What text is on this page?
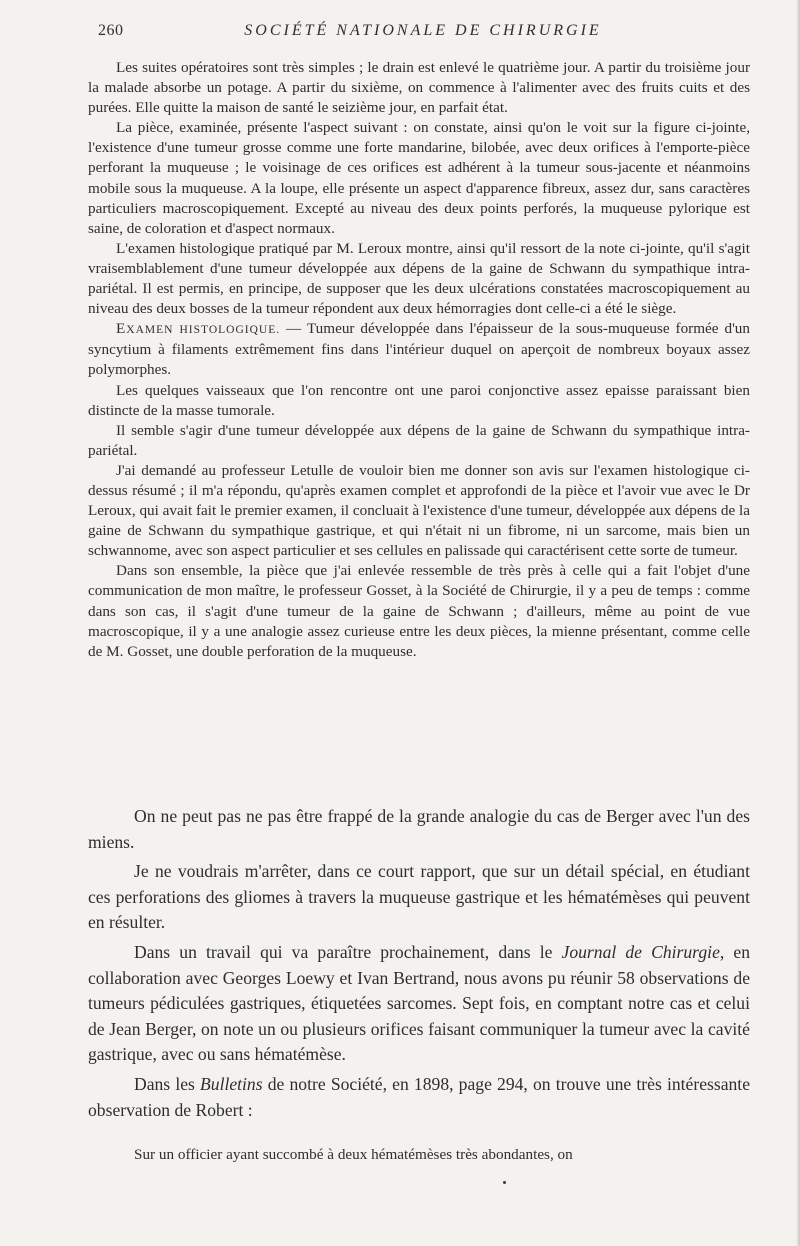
260	SOCIÉTÉ NATIONALE DE CHIRURGIE

Les suites opératoires sont très simples ; le drain est enlevé le quatrième jour. A partir du troisième jour la malade absorbe un potage. A partir du sixième, on commence à l'alimenter avec des fruits cuits et des purées. Elle quitte la maison de santé le seizième jour, en parfait état.

La pièce, examinée, présente l'aspect suivant : on constate, ainsi qu'on le voit sur la figure ci-jointe, l'existence d'une tumeur grosse comme une forte mandarine, bilobée, avec deux orifices à l'emporte-pièce perforant la muqueuse ; le voisinage de ces orifices est adhérent à la tumeur sous-jacente et néanmoins mobile sous la muqueuse. A la loupe, elle présente un aspect d'apparence fibreux, assez dur, sans caractères particuliers macroscopiquement. Excepté au niveau des deux points perforés, la muqueuse pylorique est saine, de coloration et d'aspect normaux.

L'examen histologique pratiqué par M. Leroux montre, ainsi qu'il ressort de la note ci-jointe, qu'il s'agit vraisemblablement d'une tumeur développée aux dépens de la gaine de Schwann du sympathique intra-pariétal. Il est permis, en principe, de supposer que les deux ulcérations constatées macroscopiquement au niveau des deux bosses de la tumeur répondent aux deux hémorragies dont celle-ci a été le siège.

EXAMEN HISTOLOGIQUE. — Tumeur développée dans l'épaisseur de la sous-muqueuse formée d'un syncytium à filaments extrêmement fins dans l'intérieur duquel on aperçoit de nombreux boyaux assez polymorphes.

Les quelques vaisseaux que l'on rencontre ont une paroi conjonctive assez epaisse paraissant bien distincte de la masse tumorale.

Il semble s'agir d'une tumeur développée aux dépens de la gaine de Schwann du sympathique intra-pariétal.

J'ai demandé au professeur Letulle de vouloir bien me donner son avis sur l'examen histologique ci-dessus résumé ; il m'a répondu, qu'après examen complet et approfondi de la pièce et l'avoir vue avec le Dr Leroux, qui avait fait le premier examen, il concluait à l'existence d'une tumeur, développée aux dépens de la gaine de Schwann du sympathique gastrique, et qui n'était ni un fibrome, ni un sarcome, mais bien un schwannome, avec son aspect particulier et ses cellules en palissade qui caractérisent cette sorte de tumeur.

Dans son ensemble, la pièce que j'ai enlevée ressemble de très près à celle qui a fait l'objet d'une communication de mon maître, le professeur Gosset, à la Société de Chirurgie, il y a peu de temps : comme dans son cas, il s'agit d'une tumeur de la gaine de Schwann ; d'ailleurs, même au point de vue macroscopique, il y a une analogie assez curieuse entre les deux pièces, la mienne présentant, comme celle de M. Gosset, une double perforation de la muqueuse.

On ne peut pas ne pas être frappé de la grande analogie du cas de Berger avec l'un des miens.

Je ne voudrais m'arrêter, dans ce court rapport, que sur un détail spécial, en étudiant ces perforations des gliomes à travers la muqueuse gastrique et les hématémèses qui peuvent en résulter.

Dans un travail qui va paraître prochainement, dans le Journal de Chirurgie, en collaboration avec Georges Loewy et Ivan Bertrand, nous avons pu réunir 58 observations de tumeurs pédiculées gastriques, étiquetées sarcomes. Sept fois, en comptant notre cas et celui de Jean Berger, on note un ou plusieurs orifices faisant communiquer la tumeur avec la cavité gastrique, avec ou sans hématémèse.

Dans les Bulletins de notre Société, en 1898, page 294, on trouve une très intéressante observation de Robert :

Sur un officier ayant succombé à deux hématémèses très abondantes, on
